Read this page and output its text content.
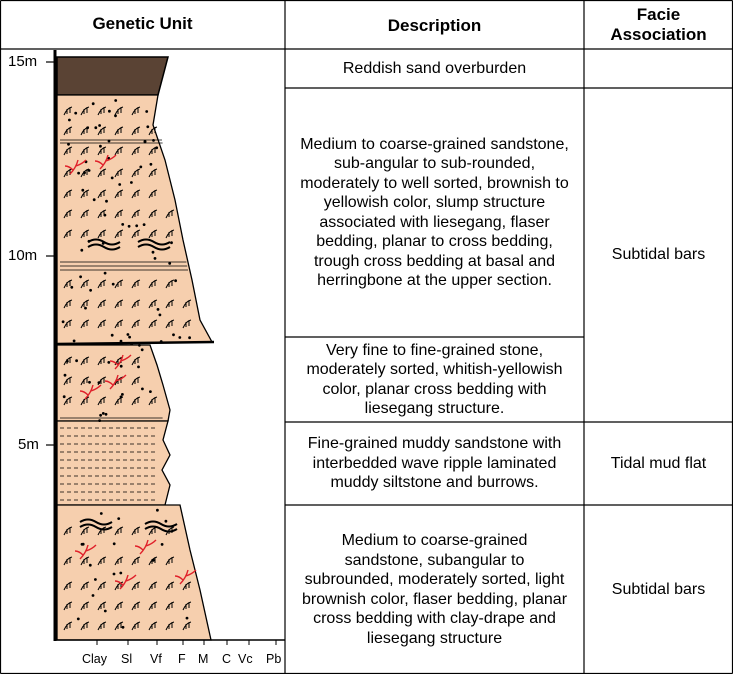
Genetic Unit	Description
Facie
Association
15m
10m
5m
Clay Sl Vf F M C Vc Pb
Reddish sand overburden
Medium to coarse-grained sandstone, sub-angular to sub-rounded, moderately to well sorted, brownish to yellowish color, slump structure associated with liesegang, flaser bedding, planar to cross bedding, trough cross bedding at basal and herringbone at the upper section.
Very fine to fine-grained stone, moderately sorted, whitish-yellowish color, planar cross bedding with liesegang structure.
Fine-grained muddy sandstone with interbedded wave ripple laminated muddy siltstone and burrows.
Medium to coarse-grained sandstone, subangular to subrounded, moderately sorted, light brownish color, flaser bedding, planar cross bedding with clay-drape and liesegang structure
Subtidal bars
Tidal mud flat
Subtidal bars
